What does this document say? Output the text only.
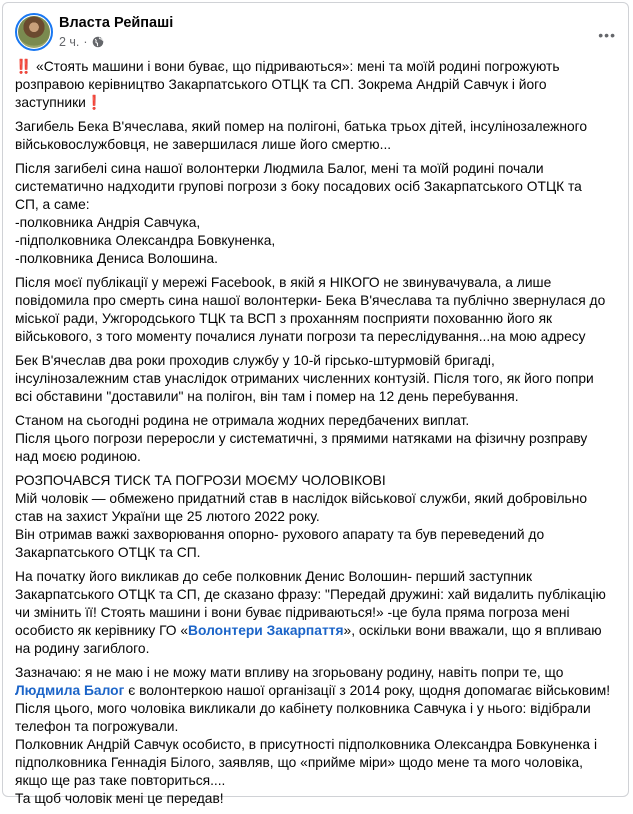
Власта Рейпаші
2 ч. ·	•••
‼️ «Стоять машини і вони буває, що підриваються»: мені та моїй родині погрожують
розправою керівництво Закарпатського ОТЦК та СП. Зокрема Андрій Савчук і його
заступники❗
Загибель Бека В'ячеслава, який помер на полігоні, батька трьох дітей, інсулінозалежного
військовослужбовця, не завершилася лише його смертю...
Після загибелі сина нашої волонтерки Людмила Балог, мені та моїй родині почали
систематично надходити групові погрози з боку посадових осіб Закарпатського ОТЦК та
СП, а саме:
-полковника Андрія Савчука,
-підполковника Олександра Бовкуненка,
-полковника Дениса Волошина.
Після моєї публікації у мережі Facebook, в якій я НІКОГО не звинувачувала, а лише
повідомила про смерть сина нашої волонтерки- Бека В'ячеслава та публічно звернулася до
міської ради, Ужгородського ТЦК та ВСП з проханням посприяти похованню його як
військового, з того моменту почалися лунати погрози та переслідування...на мою адресу
Бек В'ячеслав два роки проходив службу у 10-й гірсько-штурмовій бригаді,
інсулінозалежним став унаслідок отриманих численних контузій. Після того, як його попри
всі обставини "доставили" на полігон, він там і помер на 12 день перебування.
Станом на сьогодні родина не отримала жодних передбачених виплат.
Після цього погрози переросли у систематичні, з прямими натяками на фізичну розправу
над моєю родиною.
РОЗПОЧАВСЯ ТИСК ТА ПОГРОЗИ МОЄМУ ЧОЛОВІКОВІ
Мій чоловік — обмежено придатний став в наслідок військової служби, який добровільно
став на захист України ще 25 лютого 2022 року.
Він отримав важкі захворювання опорно- рухового апарату та був переведений до
Закарпатського ОТЦК та СП.
На початку його викликав до себе полковник Денис Волошин- перший заступник
Закарпатського ОТЦК та СП, де сказано фразу: "Передай дружині: хай видалить публікацію
чи змінить її! Стоять машини і вони буває підриваються!» -це була пряма погроза мені
особисто як керівнику ГО «Волонтери Закарпаття», оскільки вони вважали, що я впливаю
на родину загиблого.
Зазначаю: я не маю і не можу мати впливу на згорьовану родину, навіть попри те, що
Людмила Балог є волонтеркою нашої організації з 2014 року, щодня допомагає військовим!
Після цього, мого чоловіка викликали до кабінету полковника Савчука і у нього: відібрали
телефон та погрожували.
Полковник Андрій Савчук особисто, в присутності підполковника Олександра Бовкуненка і
підполковника Геннадія Білого, заявляв, що «прийме міри» щодо мене та мого чоловіка,
якщо ще раз таке повториться....
Та щоб чоловік мені це передав!
